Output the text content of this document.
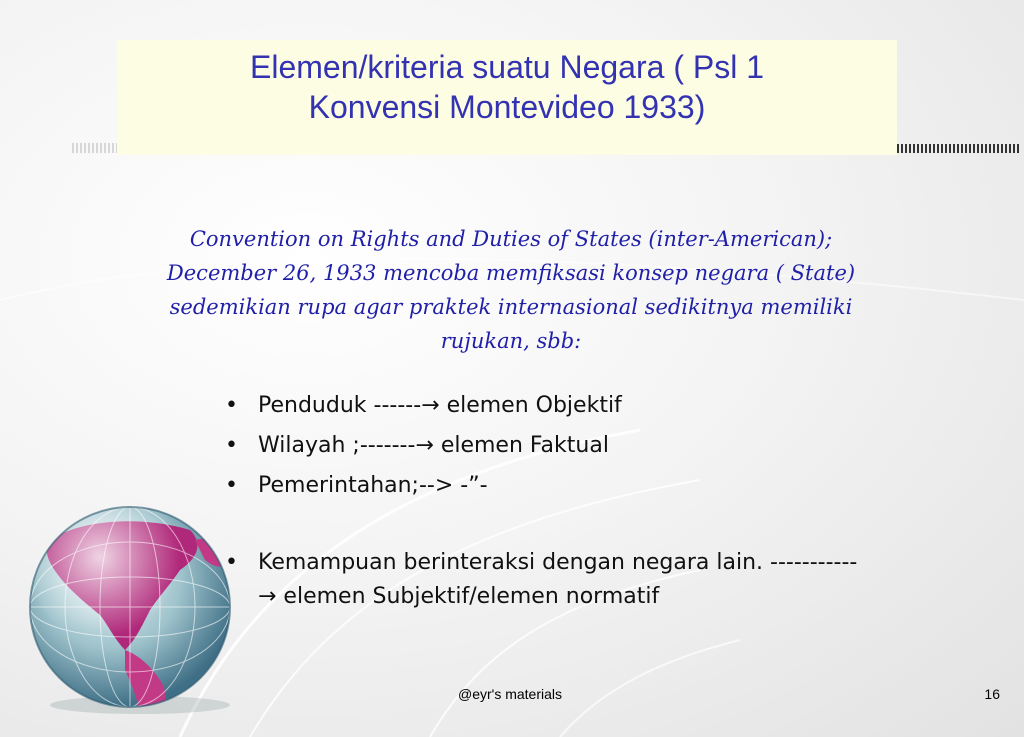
Elemen/kriteria suatu Negara ( Psl 1
Konvensi Montevideo 1933)
Convention on Rights and Duties of States (inter-American);
December 26, 1933 mencoba memfiksasi konsep negara ( State)
sedemikian rupa agar praktek internasional sedikitnya memiliki
rujukan, sbb:
• Penduduk ------→ elemen Objektif
• Wilayah ;-------→ elemen Faktual
• Pemerintahan;--> -”-
• Kemampuan berinteraksi dengan negara lain. -----------
→ elemen Subjektif/elemen normatif
@eyr's materials	16
